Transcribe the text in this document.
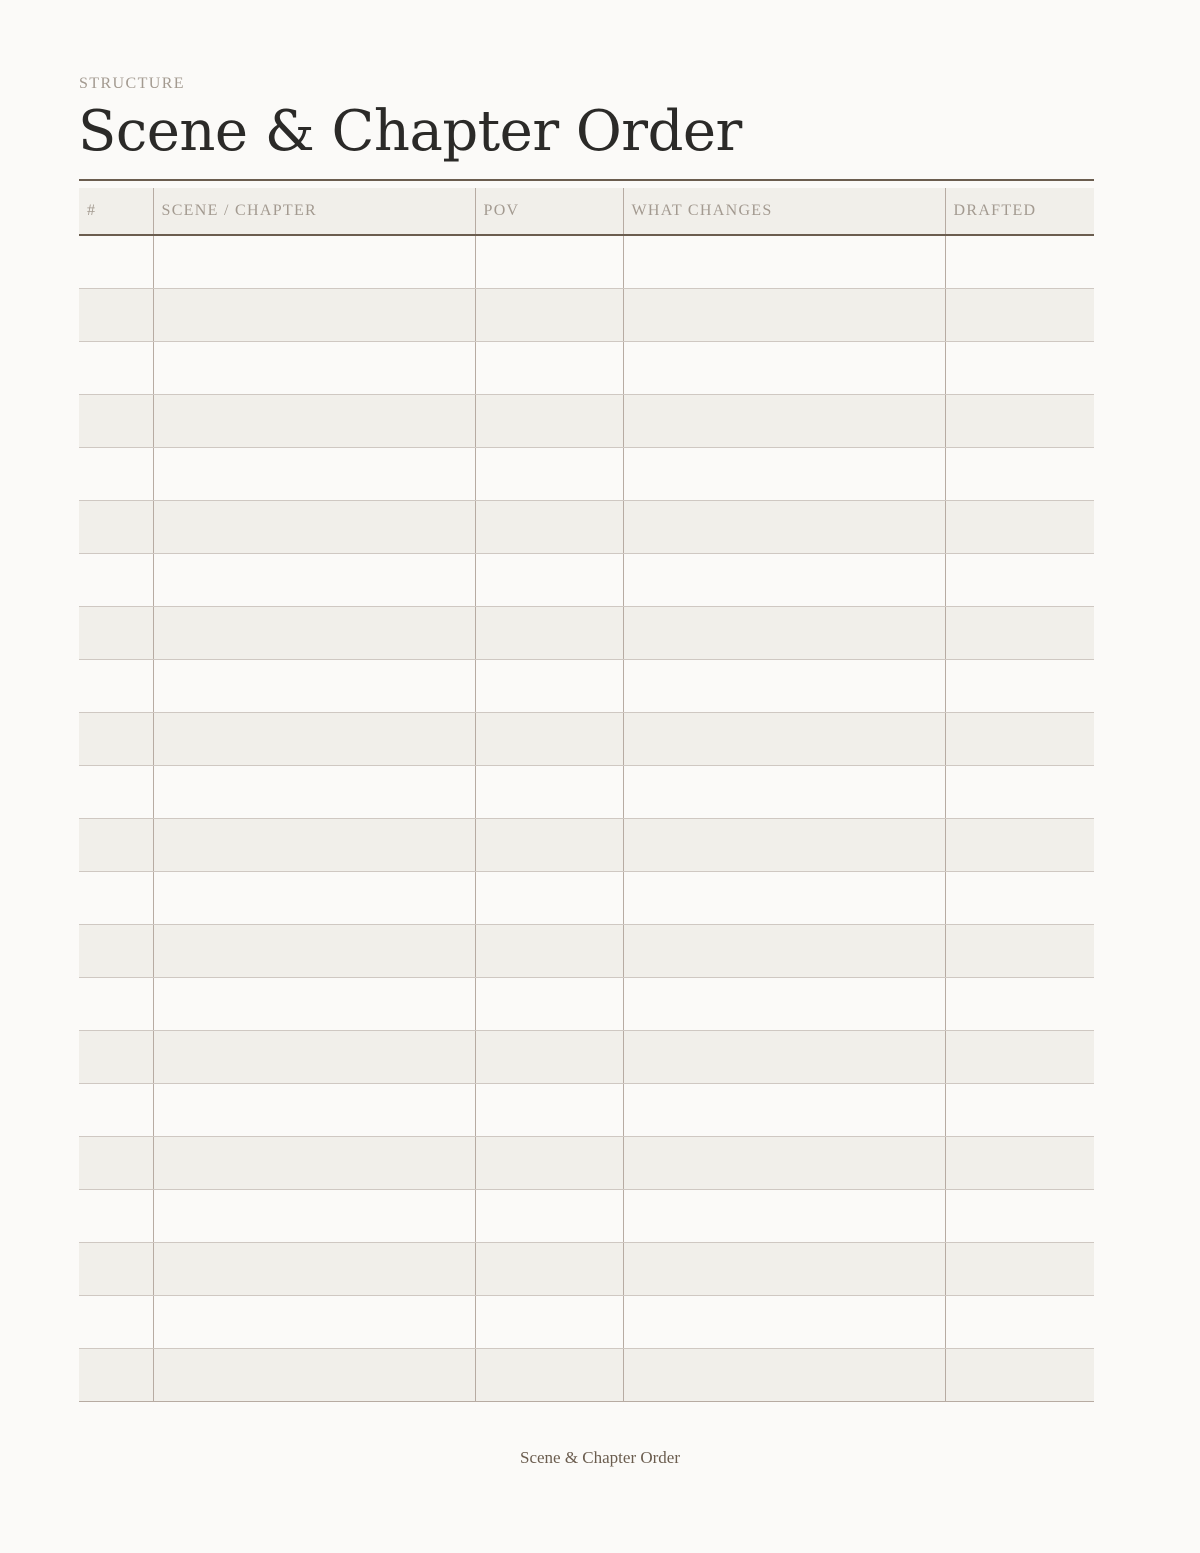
STRUCTURE
Scene & Chapter Order
#	SCENE / CHAPTER	POV	WHAT CHANGES	DRAFTED

Scene & Chapter Order
